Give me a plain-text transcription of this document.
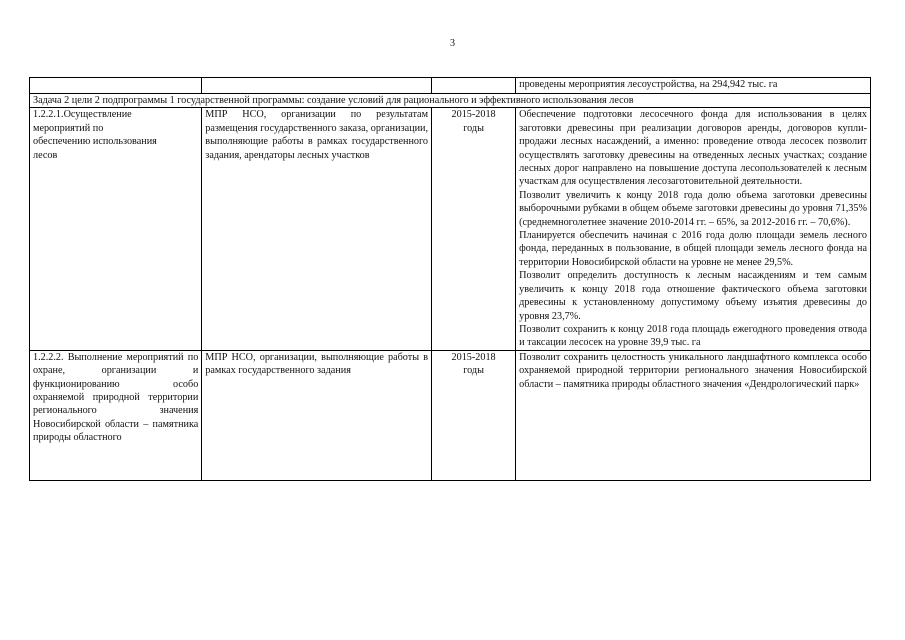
3
			проведены мероприятия лесоустройства, на 294,942 тыс. га
Задача 2 цели 2 подпрограммы 1 государственной программы: создание условий для рационального и эффективного использования лесов			
1.2.2.1.Осуществление мероприятий по обеспечению использования лесов	МПР НСО, организации по результатам размещения государственного заказа, организации, выполняющие работы в рамках государственного задания, арендаторы лесных участков	2015-2018 годы	Обеспечение подготовки лесосечного фонда для использования в целях заготовки древесины при реализации договоров аренды, договоров купли-продажи лесных насаждений, а именно: проведение отвода лесосек позволит осуществлять заготовку древесины на отведенных лесных участках; создание лесных дорог направлено на повышение доступа лесопользователей к лесным участкам для осуществления лесозаготовительной деятельности.
Позволит увеличить к концу 2018 года долю объема заготовки древесины выборочными рубками в общем объеме заготовки древесины до уровня 71,35% (среднемноголетнее значение 2010-2014 гг. – 65%, за 2012-2016 гг. – 70,6%).
Планируется обеспечить начиная с 2016 года долю площади земель лесного фонда, переданных в пользование, в общей площади земель лесного фонда на территории Новосибирской области на уровне не менее 29,5%.
Позволит определить доступность к лесным насаждениям и тем самым увеличить к концу 2018 года отношение фактического объема заготовки древесины к установленному допустимому объему изъятия древесины до уровня 23,7%.
Позволит сохранить к концу 2018 года площадь ежегодного проведения отвода и таксации лесосек на уровне 39,9 тыс. га

1.2.2.2. Выполнение мероприятий по охране, организации и функционированию особо охраняемой природной территории регионального значения Новосибирской области – памятника природы областного	МПР НСО, организации, выполняющие работы в рамках государственного задания	2015-2018 годы	Позволит сохранить целостность уникального ландшафтного комплекса особо охраняемой природной территории регионального значения Новосибирской области – памятника природы областного значения «Дендрологический парк»
